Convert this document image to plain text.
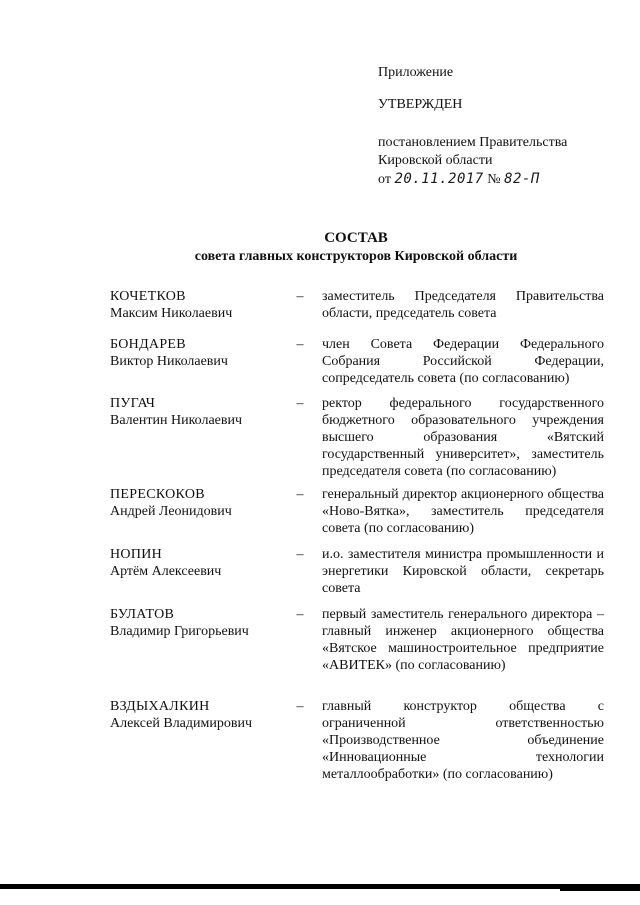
Приложение
УТВЕРЖДЕН
постановлением Правительства
Кировской области
от 20.11.2017 № 82-П
СОСТАВ
совета главных конструкторов Кировской области
КОЧЕТКОВ
Максим Николаевич
–	заместитель Председателя Правительства области, председатель совета
БОНДАРЕВ
Виктор Николаевич
–	член Совета Федерации Федерального Собрания Российской Федерации, сопредседатель совета (по согласованию)
ПУГАЧ
Валентин Николаевич
–	ректор федерального государственного бюджетного образовательного учреждения высшего образования «Вятский государственный университет», заместитель председателя совета (по согласованию)
ПЕРЕСКОКОВ
Андрей Леонидович
–	генеральный директор акционерного общества «Ново-Вятка», заместитель председателя совета (по согласованию)
НОПИН
Артём Алексеевич
–	и.о. заместителя министра промышленности и энергетики Кировской области, секретарь совета
БУЛАТОВ
Владимир Григорьевич
–	первый заместитель генерального директора – главный инженер акционерного общества «Вятское машиностроительное предприятие «АВИТЕК» (по согласованию)
ВЗДЫХАЛКИН
Алексей Владимирович
–	главный конструктор общества с ограниченной ответственностью «Производственное объединение «Инновационные технологии металлообработки» (по согласованию)
